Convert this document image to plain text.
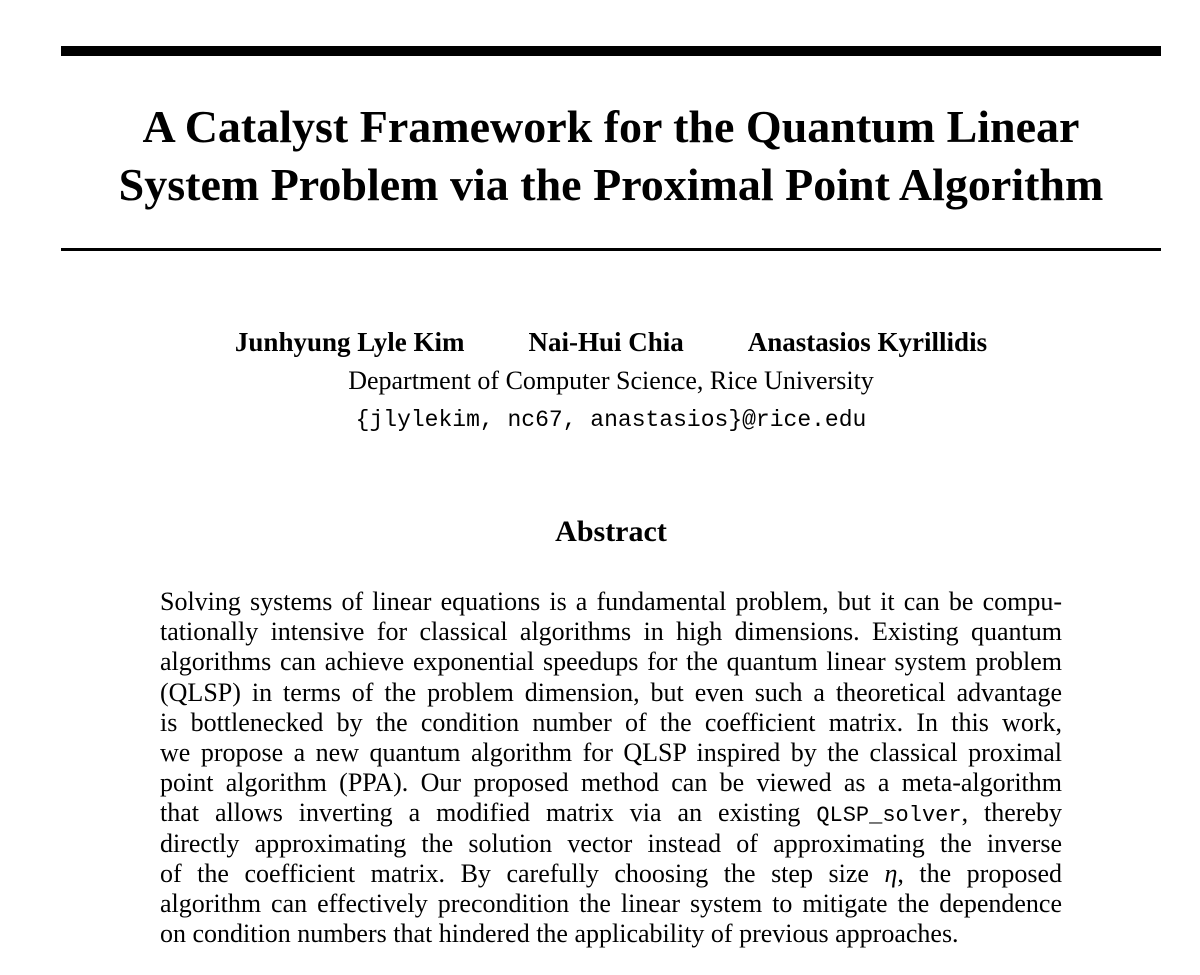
A Catalyst Framework for the Quantum Linear
System Problem via the Proximal Point Algorithm
Junhyung Lyle Kim Nai-Hui Chia Anastasios Kyrillidis
Department of Computer Science, Rice University
{jlylekim, nc67, anastasios}@rice.edu
Abstract
Solving systems of linear equations is a fundamental problem, but it can be compu-
tationally intensive for classical algorithms in high dimensions. Existing quantum
algorithms can achieve exponential speedups for the quantum linear system problem
(QLSP) in terms of the problem dimension, but even such a theoretical advantage
is bottlenecked by the condition number of the coefficient matrix. In this work,
we propose a new quantum algorithm for QLSP inspired by the classical proximal
point algorithm (PPA). Our proposed method can be viewed as a meta-algorithm
that allows inverting a modified matrix via an existing QLSP_solver, thereby
directly approximating the solution vector instead of approximating the inverse
of the coefficient matrix. By carefully choosing the step size η, the proposed
algorithm can effectively precondition the linear system to mitigate the dependence
on condition numbers that hindered the applicability of previous approaches.
